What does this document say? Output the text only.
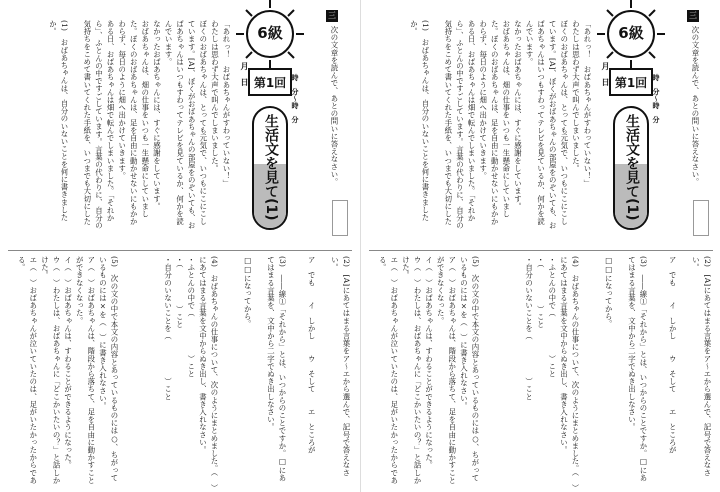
三
次の文章を読んで、あとの問いに答えなさい。
6級
第1回
生活文を見て(1)
月　日	時　分〜時　分
「あれっ！　おばあちゃんがすわっていない！」
わたしは思わず大声で叫んでしまいました。
ぼくのおばあちゃんは、とっても元気で、いつもにこにこしています。[A]、ぼくがおばあちゃんの部屋をのぞいても、おばあちゃんはいつもすわってテレビを見ているか、何かを読んでいます。
なかったおばあちゃんには、すぐに感謝をしています。
おばあちゃんは、畑の仕事をいつも一生懸命にしていました。ぼくのおばあちゃんは、足を自由に動かせないにもかかわらず、毎日のように畑へ出かけていきます。
ある日、おばあちゃんは畑で転んでしまいました。「それから」、ふとんの中ですごしています。言葉の代わりに、自分の気持ちをこめて書いてくれた手紙を、いつまでも大切にした

(1)　おばあちゃんは、自分のいないことを何に書きましたか。
(2)　[A]にあてはまる言葉をア〜エから選んで、記号で答えなさい。

ア　でも　　イ　しかし　　ウ　そして　　エ　ところが
(3)　――線①「それから」とは、いつからのことですか。□にあてはまる言葉を、文中から二字でぬき出しなさい。

□□になってから。
(4)　おばあちゃんの仕事について、次のようにまとめました。（　）にあてはまる言葉を文中からぬき出し、書き入れなさい。
・ふとんの中で（　　　　　）こと
・（　　　　　）こと
・自分のいないことを（　　　　　）こと
(5)　次の文の中で本文の内容とあっているものには○、ちがっているものには×を（　）に書き入れなさい。
ア（　）おばあちゃんは、階段から落ちて、足を自由に動かすことができなくなった。
イ（　）おばあちゃんは、すわることができるようになった。
ウ（　）わたしは、おばあちゃんに「どこかいたいの？」と話しかけた。
エ（　）おばあちゃんが泣いていたのは、足がいたかったからである。
三
次の文章を読んで、あとの問いに答えなさい。
6級
第1回
生活文を見て(1)
月　日	時　分〜時　分
「あれっ！　おばあちゃんがすわっていない！」
わたしは思わず大声で叫んでしまいました。
ぼくのおばあちゃんは、とっても元気で、いつもにこにこしています。[A]、ぼくがおばあちゃんの部屋をのぞいても、おばあちゃんはいつもすわってテレビを見ているか、何かを読んでいます。
なかったおばあちゃんには、すぐに感謝をしています。
おばあちゃんは、畑の仕事をいつも一生懸命にしていました。ぼくのおばあちゃんは、足を自由に動かせないにもかかわらず、毎日のように畑へ出かけていきます。
ある日、おばあちゃんは畑で転んでしまいました。「それから」、ふとんの中ですごしています。言葉の代わりに、自分の気持ちをこめて書いてくれた手紙を、いつまでも大切にした

(1)　おばあちゃんは、自分のいないことを何に書きましたか。
(2)　[A]にあてはまる言葉をア〜エから選んで、記号で答えなさい。

ア　でも　　イ　しかし　　ウ　そして　　エ　ところが
(3)　――線①「それから」とは、いつからのことですか。□にあてはまる言葉を、文中から二字でぬき出しなさい。

□□になってから。
(4)　おばあちゃんの仕事について、次のようにまとめました。（　）にあてはまる言葉を文中からぬき出し、書き入れなさい。
・ふとんの中で（　　　　　）こと
・（　　　　　）こと
・自分のいないことを（　　　　　）こと
(5)　次の文の中で本文の内容とあっているものには○、ちがっているものには×を（　）に書き入れなさい。
ア（　）おばあちゃんは、階段から落ちて、足を自由に動かすことができなくなった。
イ（　）おばあちゃんは、すわることができるようになった。
ウ（　）わたしは、おばあちゃんに「どこかいたいの？」と話しかけた。
エ（　）おばあちゃんが泣いていたのは、足がいたかったからである。
